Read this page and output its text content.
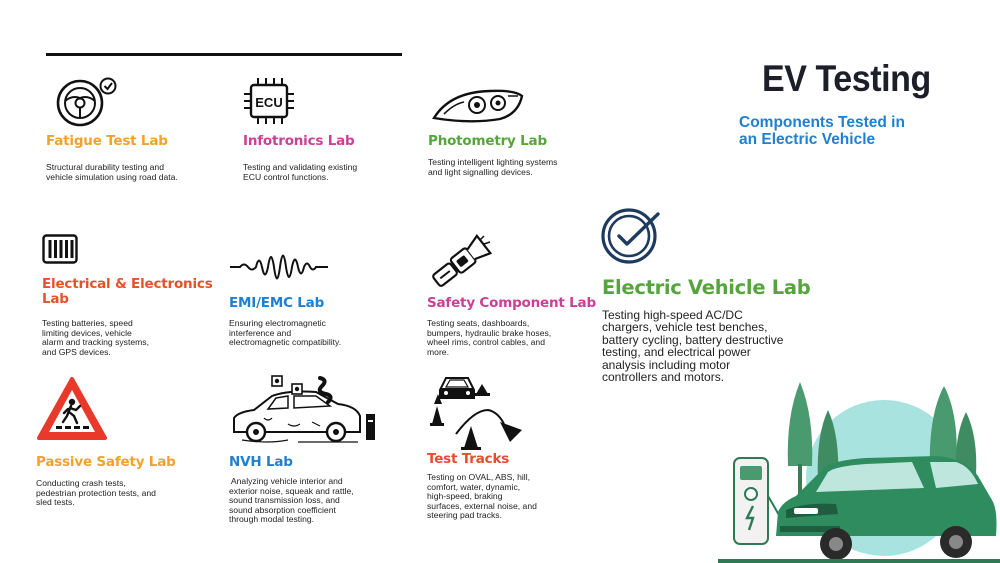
EV Testing
Components Tested in
an Electric Vehicle
Fatigue Test Lab
Structural durability testing and
vehicle simulation using road data.
ECU
Infotronics Lab
Testing and validating existing
ECU control functions.
Photometry Lab
Testing intelligent lighting systems
and light signalling devices.
Electrical & Electronics
Lab
Testing batteries, speed
limiting devices, vehicle
alarm and tracking systems,
and GPS devices.
EMI/EMC Lab
Ensuring electromagnetic
interference and
electromagnetic compatibility.
Safety Component Lab
Testing seats, dashboards,
bumpers, hydraulic brake hoses,
wheel rims, control cables, and
more.
Passive Safety Lab
Conducting crash tests,
pedestrian protection tests, and
sled tests.
NVH Lab
Analyzing vehicle interior and
exterior noise, squeak and rattle,
sound transmission loss, and
sound absorption coefficient
through modal testing.
Test Tracks
Testing on OVAL, ABS, hill,
comfort, water, dynamic,
high-speed, braking
surfaces, external noise, and
steering pad tracks.
Electric Vehicle Lab
Testing high-speed AC/DC
chargers, vehicle test benches,
battery cycling, battery destructive
testing, and electrical power
analysis including motor
controllers and motors.
